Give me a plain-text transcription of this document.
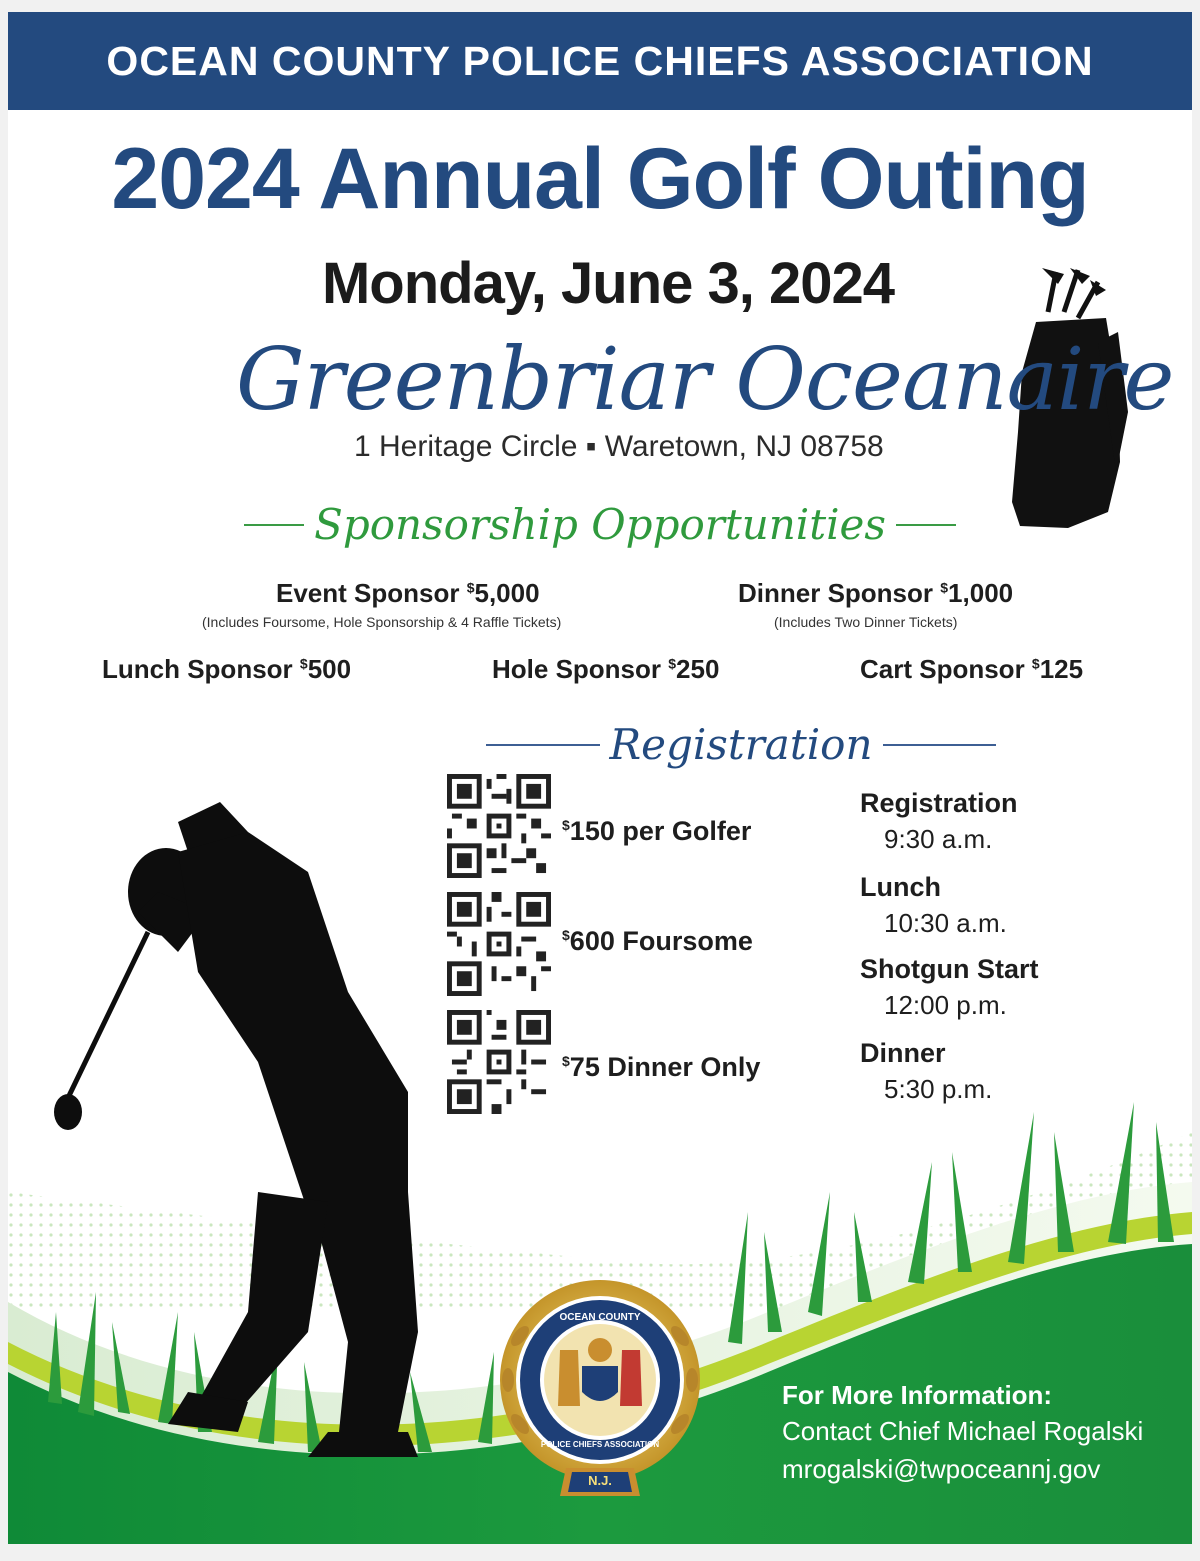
OCEAN COUNTY
POLICE CHIEFS ASSOCIATION
N.J.
OCEAN COUNTY POLICE CHIEFS ASSOCIATION
2024 Annual Golf Outing
Monday, June 3, 2024
Greenbriar Oceanaire
1 Heritage Circle ▪ Waretown, NJ 08758
Sponsorship Opportunities
Event Sponsor $5,000
(Includes Foursome, Hole Sponsorship & 4 Raffle Tickets)
Dinner Sponsor $1,000
(Includes Two Dinner Tickets)
Lunch Sponsor $500	Hole Sponsor $250	Cart Sponsor $125
Registration
$150 per Golfer
$600 Foursome
$75 Dinner Only
Registration
9:30 a.m.
Lunch
10:30 a.m.
Shotgun Start
12:00 p.m.
Dinner
5:30 p.m.
For More Information:
Contact Chief Michael Rogalski
mrogalski@twpoceannj.gov
